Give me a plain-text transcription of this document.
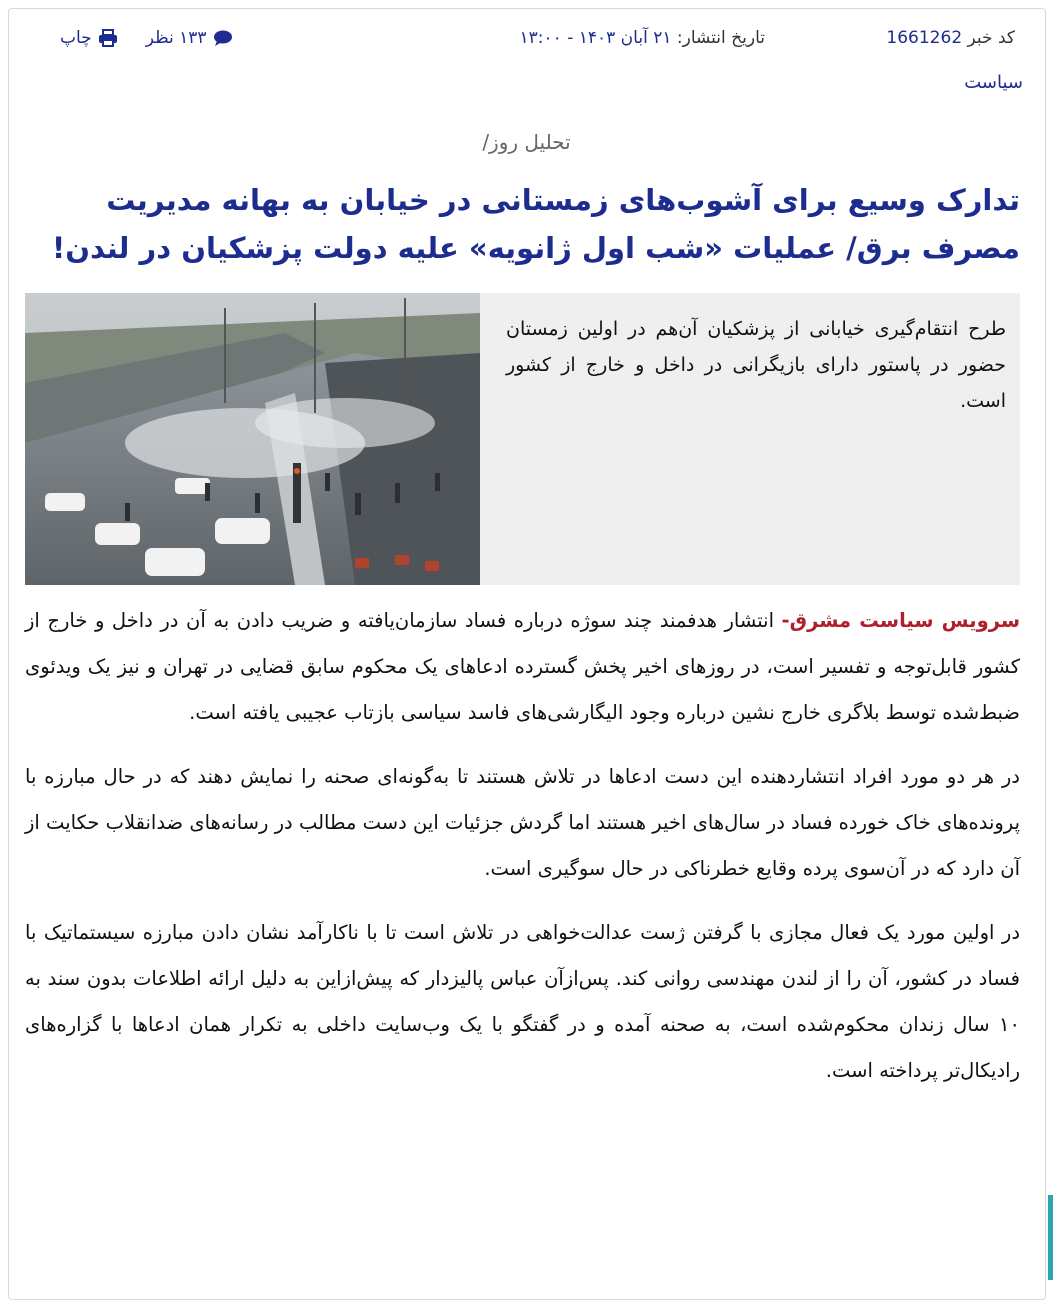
کد خبر 1661262
تاریخ انتشار: ۲۱ آبان ۱۴۰۳ - ۱۳:۰۰
۱۳۳ نظر
چاپ
سیاست
تحلیل روز/
تدارک وسیع برای آشوب‌های زمستانی در خیابان به بهانه مدیریت مصرف برق/ عملیات «شب اول ژانویه» علیه دولت پزشکیان در لندن!

طرح انتقام‌گیری خیابانی از پزشکیان آن‌هم در اولین زمستان حضور در پاستور دارای بازیگرانی در داخل و خارج از کشور است.

سرویس سیاست مشرق- انتشار هدفمند چند سوژه درباره فساد سازمان‌یافته و ضریب دادن به آن در داخل و خارج از کشور قابل‌توجه و تفسیر است، در روزهای اخیر پخش گسترده ادعاهای یک محکوم سابق قضایی در تهران و نیز یک ویدئوی ضبط‌شده توسط بلاگری خارج نشین درباره وجود الیگارشی‌های فاسد سیاسی بازتاب عجیبی یافته است.

در هر دو مورد افراد انتشاردهنده این دست ادعاها در تلاش هستند تا به‌گونه‌ای صحنه را نمایش دهند که در حال مبارزه با پرونده‌های خاک خورده فساد در سال‌های اخیر هستند اما گردش جزئیات این دست مطالب در رسانه‌های ضدانقلاب حکایت از آن دارد که در آن‌سوی پرده وقایع خطرناکی در حال سوگیری است.

در اولین مورد یک فعال مجازی با گرفتن ژست عدالت‌خواهی در تلاش است تا با ناکارآمد نشان دادن مبارزه سیستماتیک با فساد در کشور، آن را از لندن مهندسی روانی کند. پس‌ازآن عباس پالیزدار که پیش‌ازاین به دلیل ارائه اطلاعات بدون سند به ۱۰ سال زندان محکوم‌شده است، به صحنه آمده و در گفتگو با یک وب‌سایت داخلی به تکرار همان ادعاها با گزاره‌های رادیکال‌تر پرداخته است.
